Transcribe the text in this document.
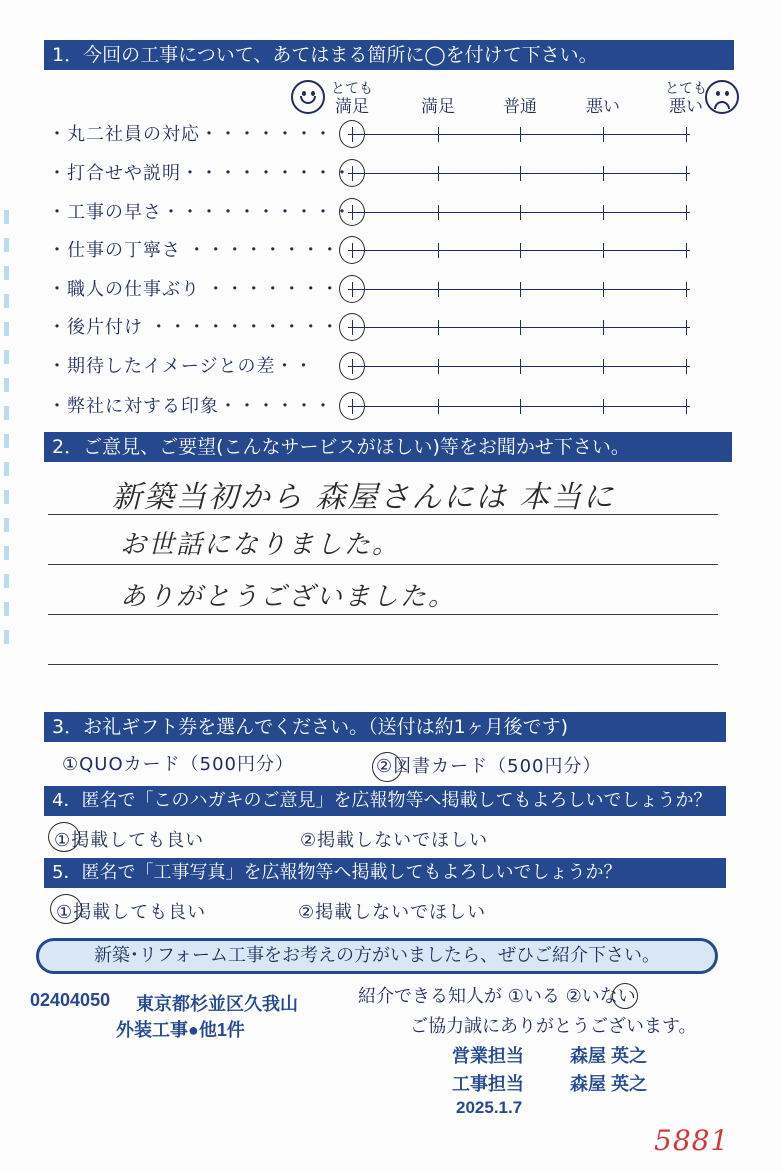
1．今回の工事について、あてはまる箇所に◯を付けて下さい。
とても
満足	満足	普通	悪い
とても
悪い
・丸二社員の対応・・・・・・・
・打合せや説明・・・・・・・・・
・工事の早さ・・・・・・・・・・
・仕事の丁寧さ ・・・・・・・・
・職人の仕事ぶり ・・・・・・・
・後片付け ・・・・・・・・・・
・期待したイメージとの差・・
・弊社に対する印象・・・・・・
2．ご意見、ご要望(こんなサービスがほしい)等をお聞かせ下さい。
新築当初から 森屋さんには 本当に
お世話になりました。
ありがとうございました。
3．お礼ギフト券を選んでください。（送付は約1ヶ月後です)
①QUOカード（500円分）	②図書カード（500円分）
4．匿名で「このハガキのご意見」を広報物等へ掲載してもよろしいでしょうか？
①掲載しても良い	②掲載しないでほしい
5．匿名で「工事写真」を広報物等へ掲載してもよろしいでしょうか？
①掲載しても良い	②掲載しないでほしい
新築･リフォーム工事をお考えの方がいましたら、ぜひご紹介下さい。
02404050 東京都杉並区久我山
外装工事●他1件
紹介できる知人が ①いる ②いない
ご協力誠にありがとうございます。
営業担当	森屋 英之
工事担当	森屋 英之
2025.1.7
5881
